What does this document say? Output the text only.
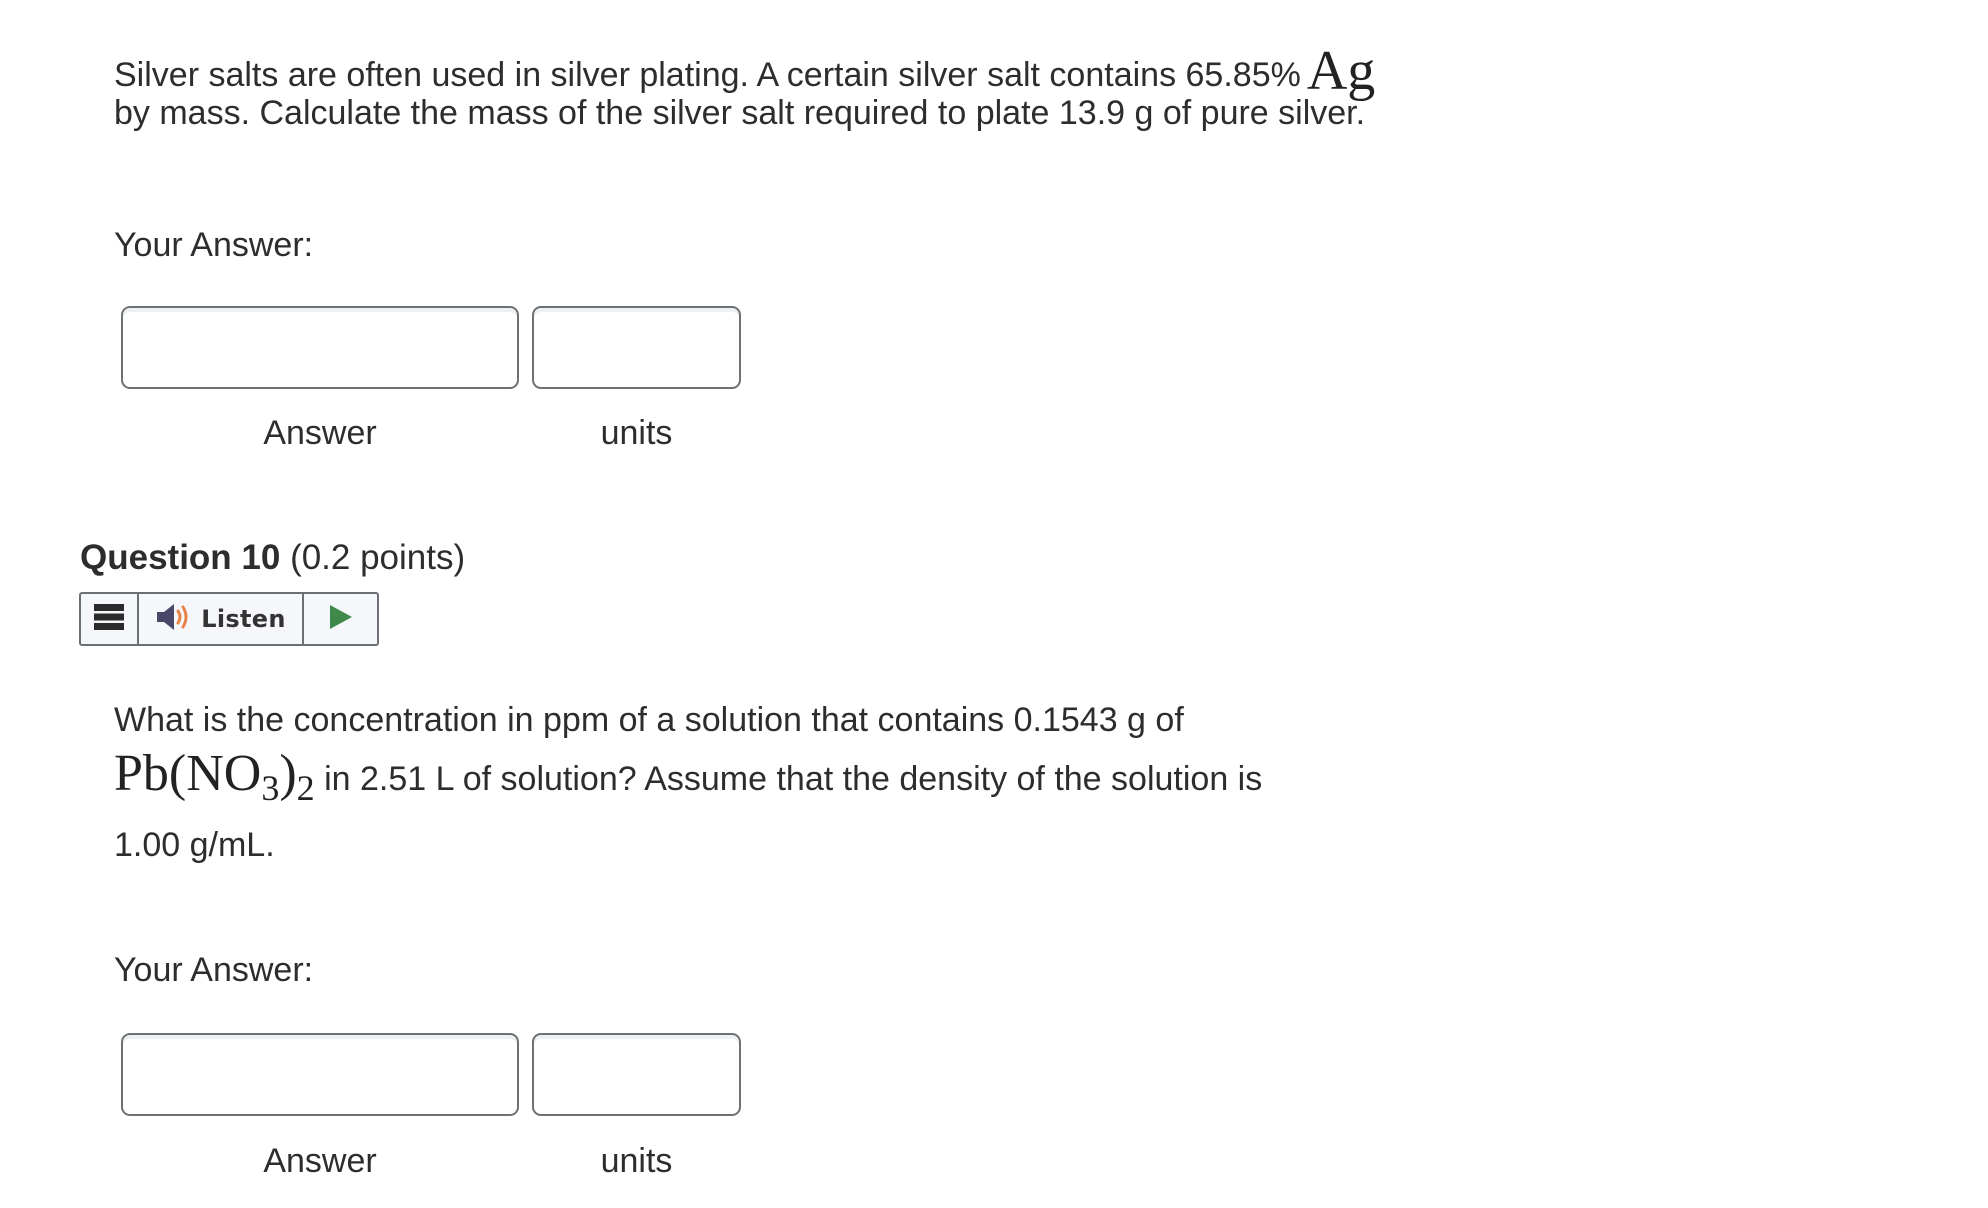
Silver salts are often used in silver plating. A certain silver salt contains 65.85% Ag
by mass. Calculate the mass of the silver salt required to plate 13.9 g of pure silver.
Your Answer:
Answer	units
Question 10 (0.2 points)
Listen
What is the concentration in ppm of a solution that contains 0.1543 g of
Pb(NO3)2 in 2.51 L of solution? Assume that the density of the solution is
1.00 g/mL.
Your Answer:
Answer	units
